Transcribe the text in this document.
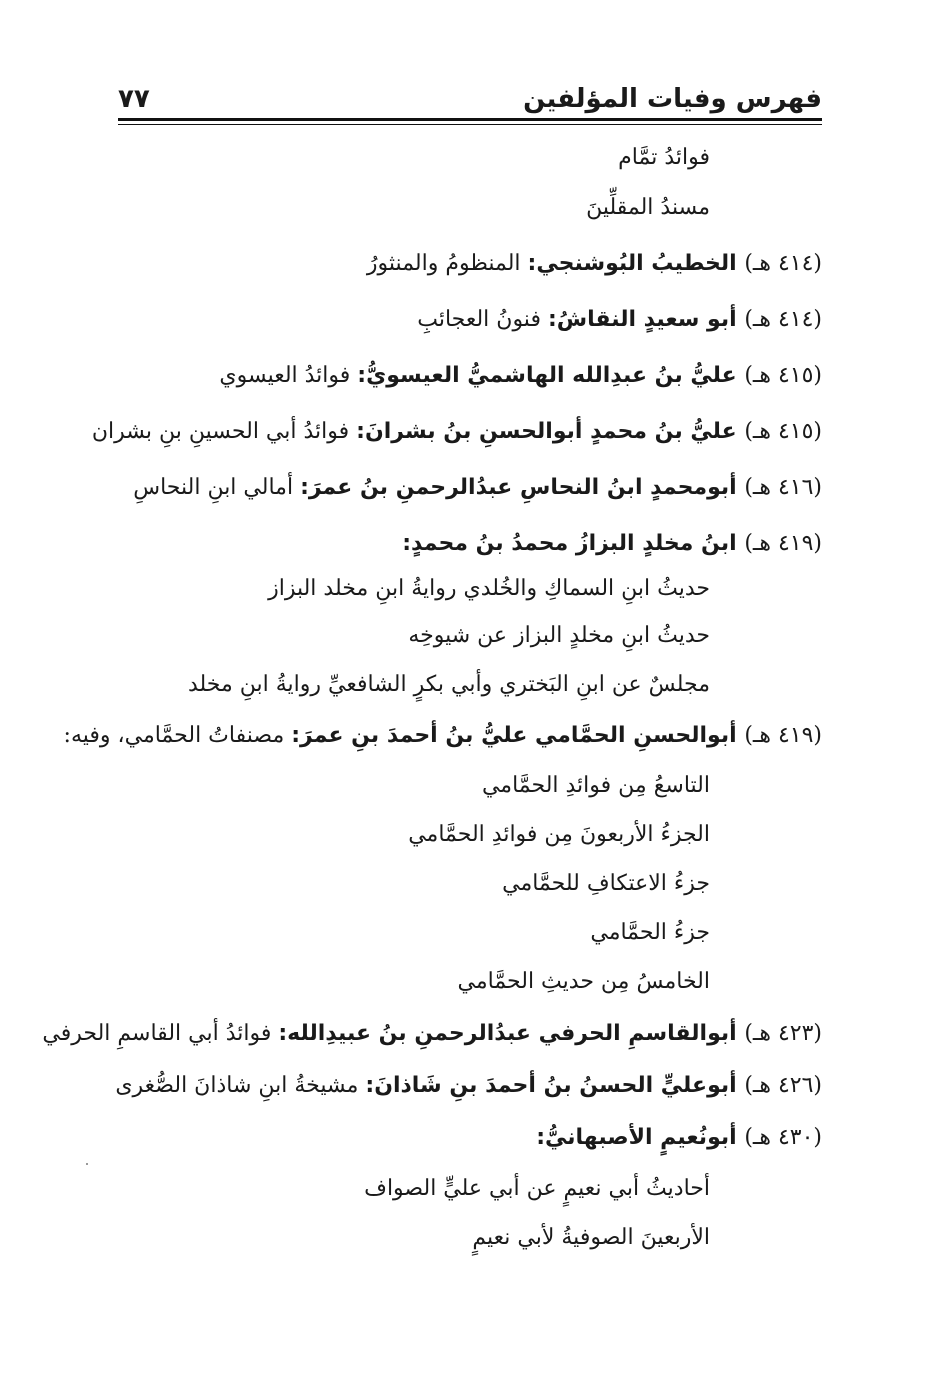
فهرس وفيات المؤلفين
٧٧
فوائدُ تمَّام
مسندُ المقلِّينَ
(٤١٤ هـ) الخطيبُ البُوشنجي: المنظومُ والمنثورُ
(٤١٤ هـ) أبو سعيدٍ النقاشُ: فنونُ العجائبِ
(٤١٥ هـ) عليُّ بنُ عبدِالله الهاشميُّ العيسويُّ: فوائدُ العيسوي
(٤١٥ هـ) عليُّ بنُ محمدٍ أبوالحسنِ بنُ بشرانَ: فوائدُ أبي الحسينِ بنِ بشران
(٤١٦ هـ) أبومحمدٍ ابنُ النحاسِ عبدُالرحمنِ بنُ عمرَ: أمالي ابنِ النحاسِ
(٤١٩ هـ) ابنُ مخلدٍ البزازُ محمدُ بنُ محمدٍ:
حديثُ ابنِ السماكِ والخُلدي روايةُ ابنِ مخلد البزاز
حديثُ ابنِ مخلدٍ البزاز عن شيوخِه
مجلسٌ عن ابنِ البَختري وأبي بكرٍ الشافعيِّ روايةُ ابنِ مخلد
(٤١٩ هـ) أبوالحسنِ الحمَّامي عليُّ بنُ أحمدَ بنِ عمرَ: مصنفاتُ الحمَّامي، وفيه:
التاسعُ مِن فوائدِ الحمَّامي
الجزءُ الأربعونَ مِن فوائدِ الحمَّامي
جزءُ الاعتكافِ للحمَّامي
جزءُ الحمَّامي
الخامسُ مِن حديثِ الحمَّامي
(٤٢٣ هـ) أبوالقاسمِ الحرفي عبدُالرحمنِ بنُ عبيدِالله: فوائدُ أبي القاسمِ الحرفي
(٤٢٦ هـ) أبوعليٍّ الحسنُ بنُ أحمدَ بنِ شَاذانَ: مشيخةُ ابنِ شاذانَ الصُّغرى
(٤٣٠ هـ) أبونُعيمٍ الأصبهانيُّ:
أحاديثُ أبي نعيمٍ عن أبي عليٍّ الصواف
الأربعينَ الصوفيةُ لأبي نعيمٍ
